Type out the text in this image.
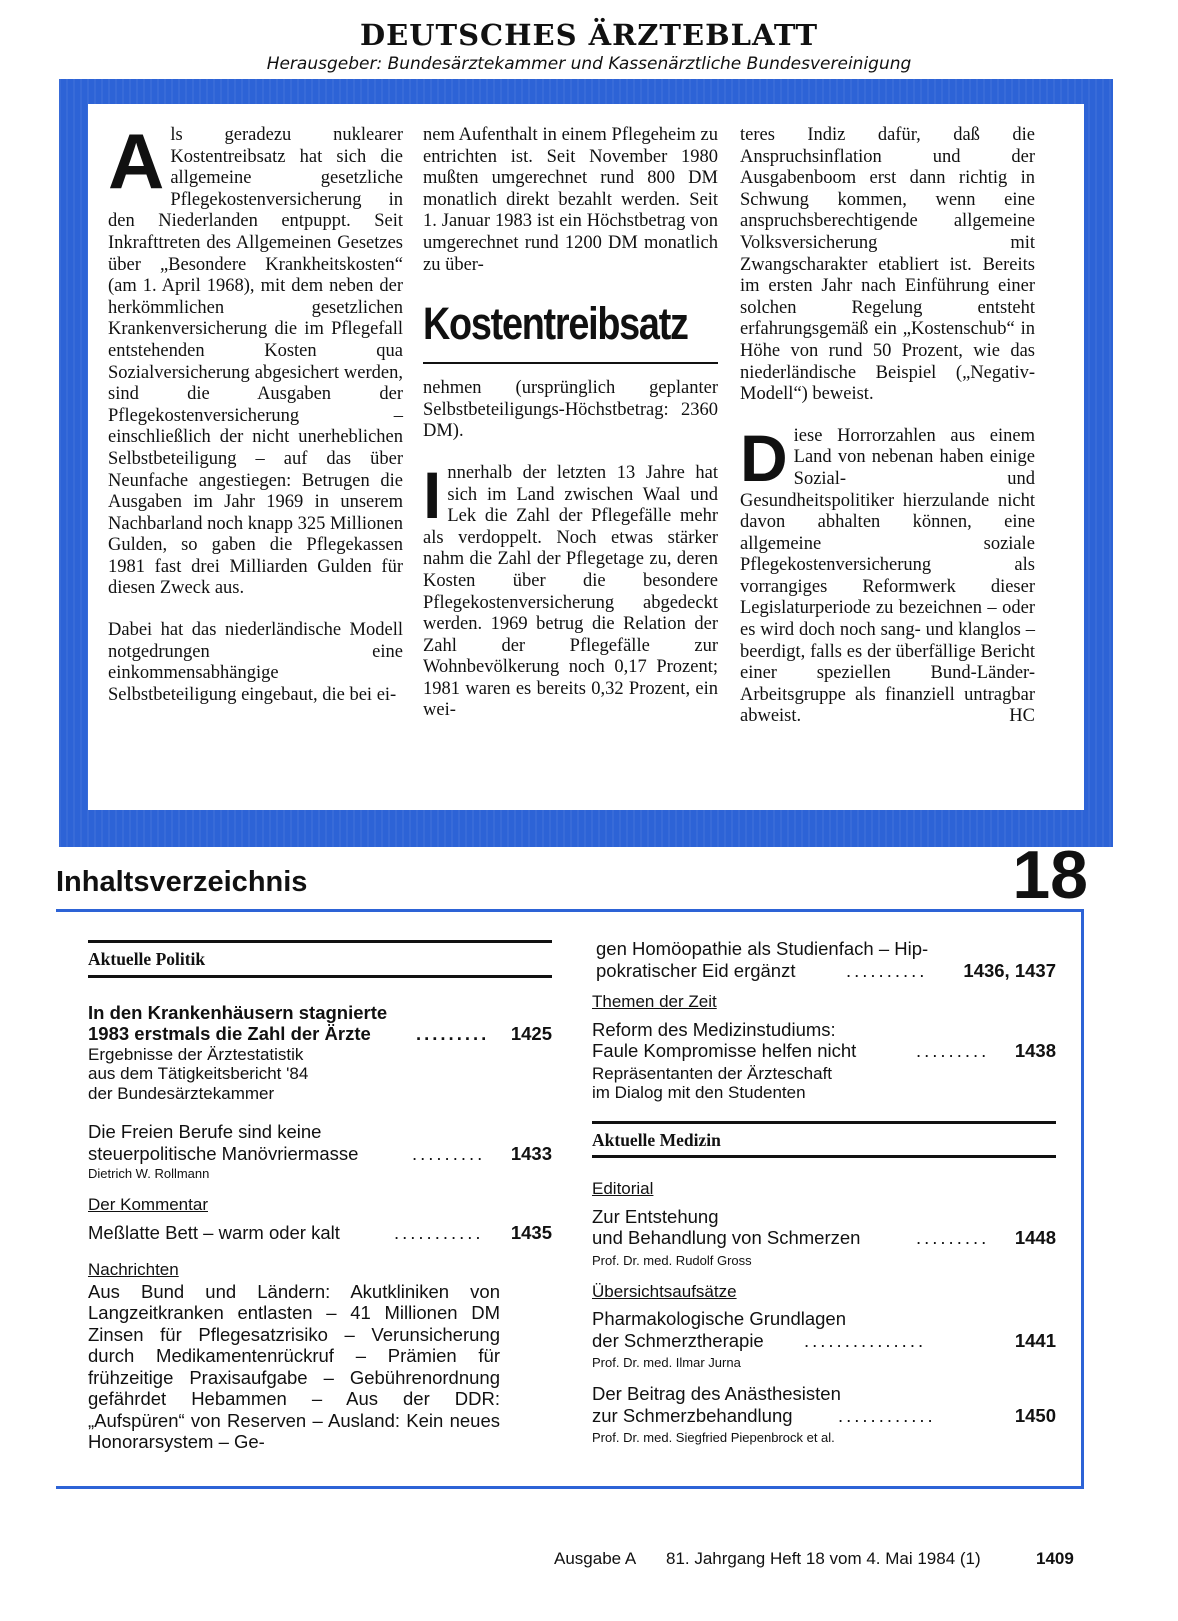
DEUTSCHES ÄRZTEBLATT
Herausgeber: Bundesärztekammer und Kassenärztliche Bundesvereinigung

Als geradezu nuklearer Kostentreibsatz hat sich die allgemeine gesetzliche Pflegekostenversicherung in den Niederlanden entpuppt. Seit Inkrafttreten des Allgemeinen Gesetzes über „Besondere Krankheitskosten“ (am 1. April 1968), mit dem neben der herkömmlichen gesetzlichen Krankenversicherung die im Pflegefall entstehenden Kosten qua Sozialversicherung abgesichert werden, sind die Ausgaben der Pflegekostenversicherung – einschließlich der nicht unerheblichen Selbstbeteiligung – auf das über Neunfache angestiegen: Betrugen die Ausgaben im Jahr 1969 in unserem Nachbarland noch knapp 325 Millionen Gulden, so gaben die Pflegekassen 1981 fast drei Milliarden Gulden für diesen Zweck aus.

Dabei hat das niederländische Modell notgedrungen eine einkommensabhängige Selbstbeteiligung eingebaut, die bei ei-

nem Aufenthalt in einem Pflegeheim zu entrichten ist. Seit November 1980 mußten umgerechnet rund 800 DM monatlich direkt bezahlt werden. Seit 1. Januar 1983 ist ein Höchstbetrag von umgerechnet rund 1200 DM monatlich zu über-

Kostentreibsatz

nehmen (ursprünglich geplanter Selbstbeteiligungs-Höchstbetrag: 2360 DM).

Innerhalb der letzten 13 Jahre hat sich im Land zwischen Waal und Lek die Zahl der Pflegefälle mehr als verdoppelt. Noch etwas stärker nahm die Zahl der Pflegetage zu, deren Kosten über die besondere Pflegekostenversicherung abgedeckt werden. 1969 betrug die Relation der Zahl der Pflegefälle zur Wohnbevölkerung noch 0,17 Prozent; 1981 waren es bereits 0,32 Prozent, ein wei-

teres Indiz dafür, daß die Anspruchsinflation und der Ausgabenboom erst dann richtig in Schwung kommen, wenn eine anspruchsberechtigende allgemeine Volksversicherung mit Zwangscharakter etabliert ist. Bereits im ersten Jahr nach Einführung einer solchen Regelung entsteht erfahrungsgemäß ein „Kostenschub“ in Höhe von rund 50 Prozent, wie das niederländische Beispiel („Negativ-Modell“) beweist.

Diese Horrorzahlen aus einem Land von nebenan haben einige Sozial- und Gesundheitspolitiker hierzulande nicht davon abhalten können, eine allgemeine soziale Pflegekostenversicherung als vorrangiges Reformwerk dieser Legislaturperiode zu bezeichnen – oder es wird doch noch sang- und klanglos – beerdigt, falls es der überfällige Bericht einer speziellen Bund-Länder-Arbeitsgruppe als finanziell untragbar abweist.	HC

Inhaltsverzeichnis	18
Aktuelle Politik
In den Krankenhäusern stagnierte
1983 erstmals die Zahl der Ärzte .........	1425
Ergebnisse der Ärztestatistik
aus dem Tätigkeitsbericht '84
der Bundesärztekammer
Die Freien Berufe sind keine
steuerpolitische Manövriermasse	.........	1433
Dietrich W. Rollmann
Der Kommentar
Meßlatte Bett – warm oder kalt	...........	1435
Nachrichten
Aus Bund und Ländern: Akutkliniken von Langzeitkranken entlasten – 41 Millionen DM Zinsen für Pflegesatzrisiko – Verunsicherung durch Medikamentenrückruf – Prämien für frühzeitige Praxisaufgabe – Gebührenordnung gefährdet Hebammen – Aus der DDR: „Aufspüren“ von Reserven – Ausland: Kein neues Honorarsystem – Ge-
gen Homöopathie als Studienfach – Hip-
pokratischer Eid ergänzt	..........	1436, 1437
Themen der Zeit
Reform des Medizinstudiums:
Faule Kompromisse helfen nicht	.........	1438
Repräsentanten der Ärzteschaft
im Dialog mit den Studenten
Aktuelle Medizin
Editorial
Zur Entstehung
und Behandlung von Schmerzen	.........	1448
Prof. Dr. med. Rudolf Gross
Übersichtsaufsätze
Pharmakologische Grundlagen
der Schmerztherapie ...............	1441
Prof. Dr. med. Ilmar Jurna
Der Beitrag des Anästhesisten
zur Schmerzbehandlung ............	1450
Prof. Dr. med. Siegfried Piepenbrock et al.
Ausgabe A 81. Jahrgang Heft 18 vom 4. Mai 1984 (1)	1409
